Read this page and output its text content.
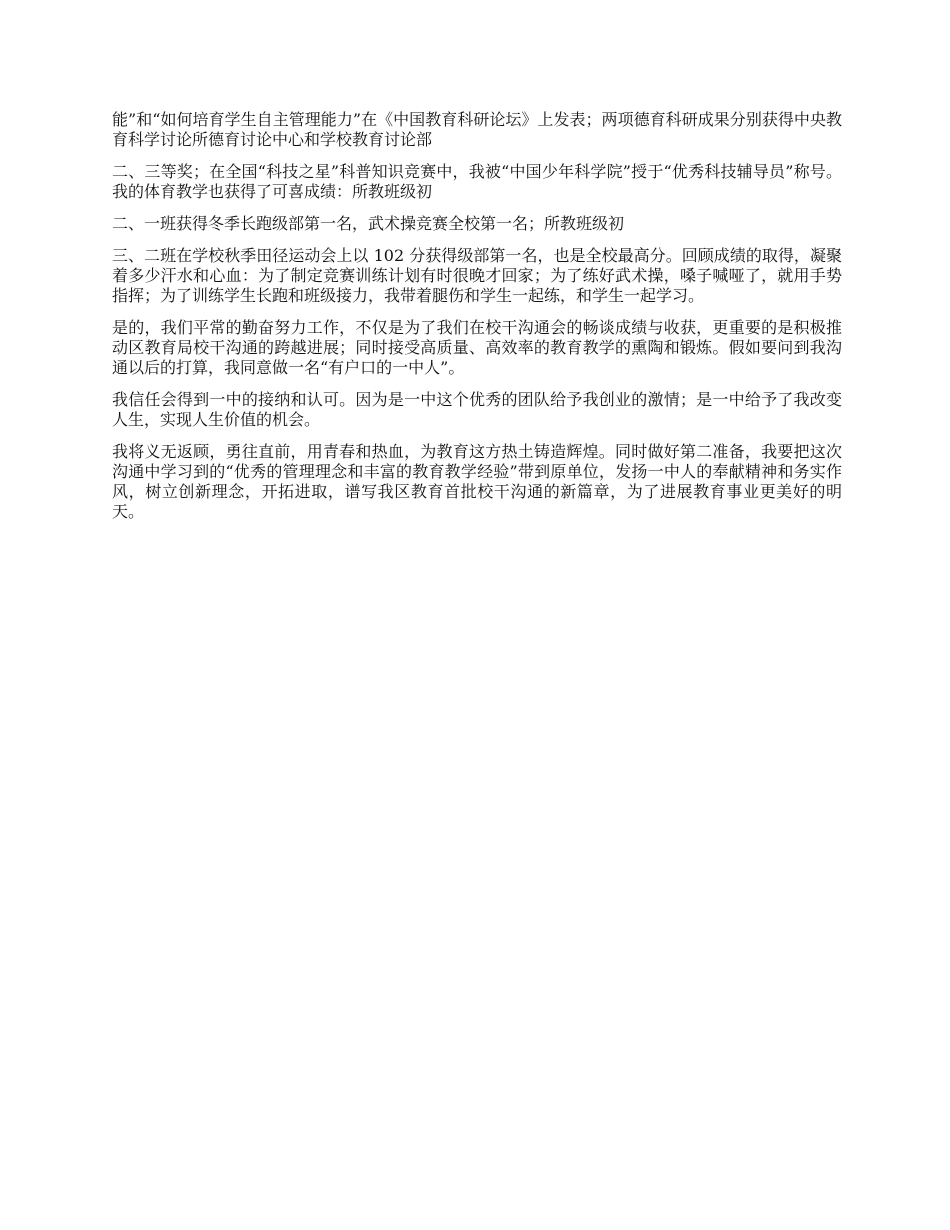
能”和“如何培育学生自主管理能力”在《中国教育科研论坛》上发表；两项德育科研成果分别获得中央教育科学讨论所德育讨论中心和学校教育讨论部

二、三等奖；在全国“科技之星”科普知识竞赛中，我被“中国少年科学院”授于“优秀科技辅导员”称号。我的体育教学也获得了可喜成绩：所教班级初

二、一班获得冬季长跑级部第一名，武术操竞赛全校第一名；所教班级初

三、二班在学校秋季田径运动会上以 102 分获得级部第一名，也是全校最高分。回顾成绩的取得，凝聚着多少汗水和心血：为了制定竞赛训练计划有时很晚才回家；为了练好武术操，嗓子喊哑了，就用手势指挥；为了训练学生长跑和班级接力，我带着腿伤和学生一起练，和学生一起学习。

是的，我们平常的勤奋努力工作，不仅是为了我们在校干沟通会的畅谈成绩与收获，更重要的是积极推动区教育局校干沟通的跨越进展；同时接受高质量、高效率的教育教学的熏陶和锻炼。假如要问到我沟通以后的打算，我同意做一名“有户口的一中人”。

我信任会得到一中的接纳和认可。因为是一中这个优秀的团队给予我创业的激情；是一中给予了我改变人生，实现人生价值的机会。

我将义无返顾，勇往直前，用青春和热血，为教育这方热土铸造辉煌。同时做好第二准备，我要把这次沟通中学习到的“优秀的管理理念和丰富的教育教学经验”带到原单位，发扬一中人的奉献精神和务实作风，树立创新理念，开拓进取，谱写我区教育首批校干沟通的新篇章，为了进展教育事业更美好的明天。
